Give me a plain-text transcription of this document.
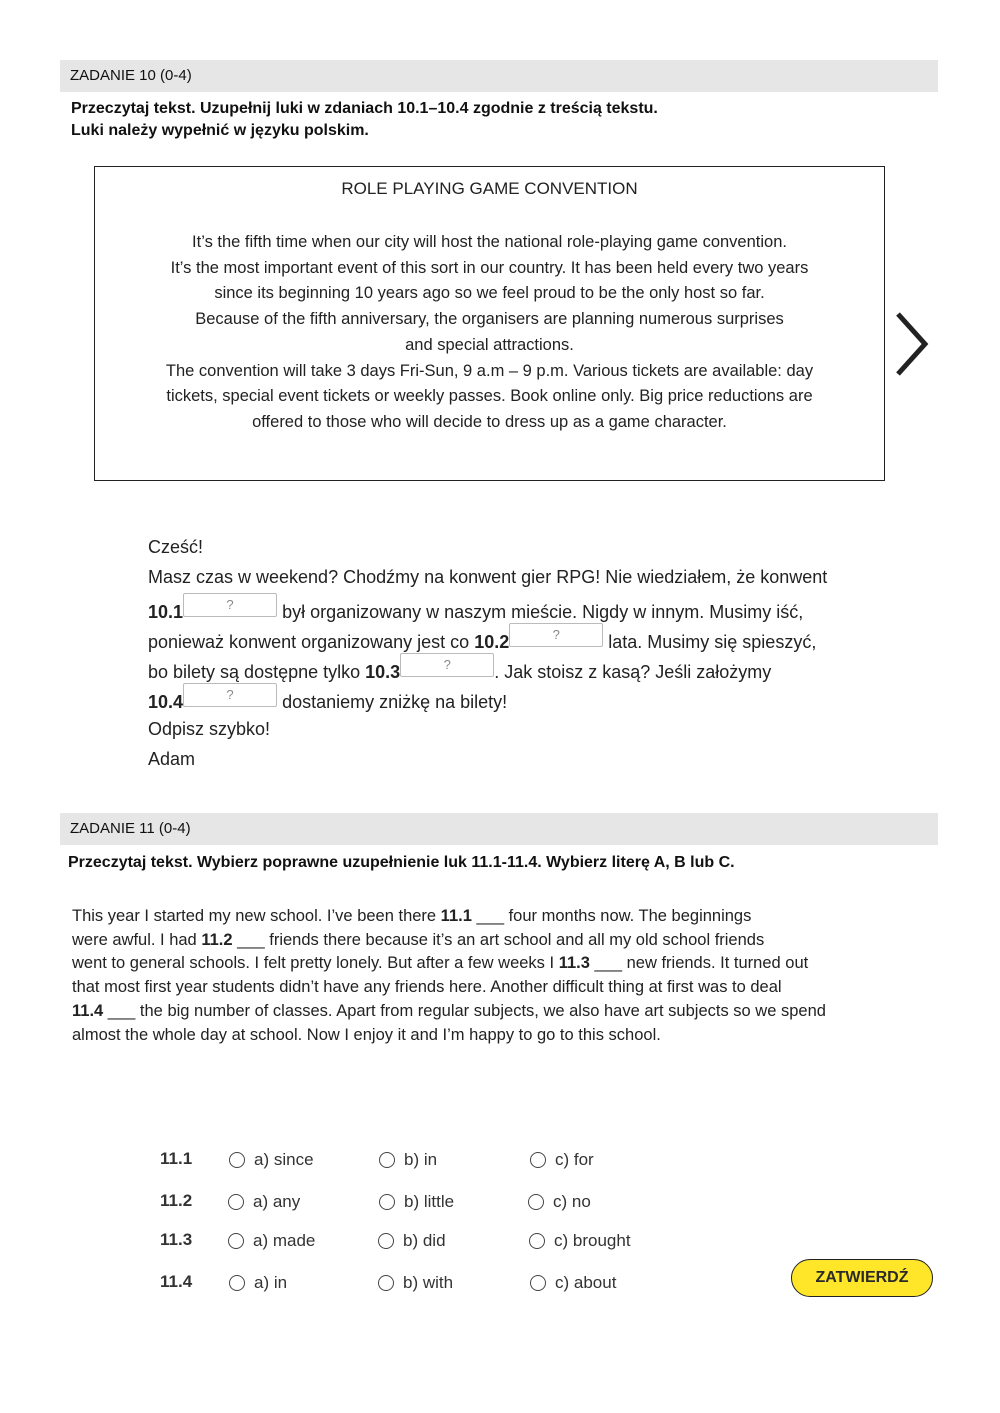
ZADANIE 10 (0-4)
Przeczytaj tekst. Uzupełnij luki w zdaniach 10.1–10.4 zgodnie z treścią tekstu.
Luki należy wypełnić w języku polskim.
ROLE PLAYING GAME CONVENTION
It’s the fifth time when our city will host the national role-playing game convention.
It’s the most important event of this sort in our country. It has been held every two years
since its beginning 10 years ago so we feel proud to be the only host so far.
Because of the fifth anniversary, the organisers are planning numerous surprises
and special attractions.
The convention will take 3 days Fri-Sun, 9 a.m – 9 p.m. Various tickets are available: day
tickets, special event tickets or weekly passes. Book online only. Big price reductions are
offered to those who will decide to dress up as a game character.
Cześć!
Masz czas w weekend? Chodźmy na konwent gier RPG! Nie wiedziałem, że konwent
10.1	?	był organizowany w naszym mieście. Nigdy w innym. Musimy iść,
ponieważ konwent organizowany jest co 10.2	?	lata. Musimy się spieszyć,
bo bilety są dostępne tylko 10.3	?	. Jak stoisz z kasą? Jeśli założymy
10.4	?	dostaniemy zniżkę na bilety!
Odpisz szybko!
Adam
ZADANIE 11 (0-4)
Przeczytaj tekst. Wybierz poprawne uzupełnienie luk 11.1-11.4. Wybierz literę A, B lub C.
This year I started my new school. I’ve been there 11.1 ___ four months now. The beginnings
were awful. I had 11.2 ___ friends there because it’s an art school and all my old school friends
went to general schools. I felt pretty lonely. But after a few weeks I 11.3 ___ new friends. It turned out
that most first year students didn’t have any friends here. Another difficult thing at first was to deal
11.4 ___ the big number of classes. Apart from regular subjects, we also have art subjects so we spend
almost the whole day at school. Now I enjoy it and I’m happy to go to this school.
11.1	a) since	b) in	c) for
11.2	a) any	b) little	c) no
11.3	a) made	b) did	c) brought
11.4	a) in	b) with	c) about	ZATWIERDŹ
